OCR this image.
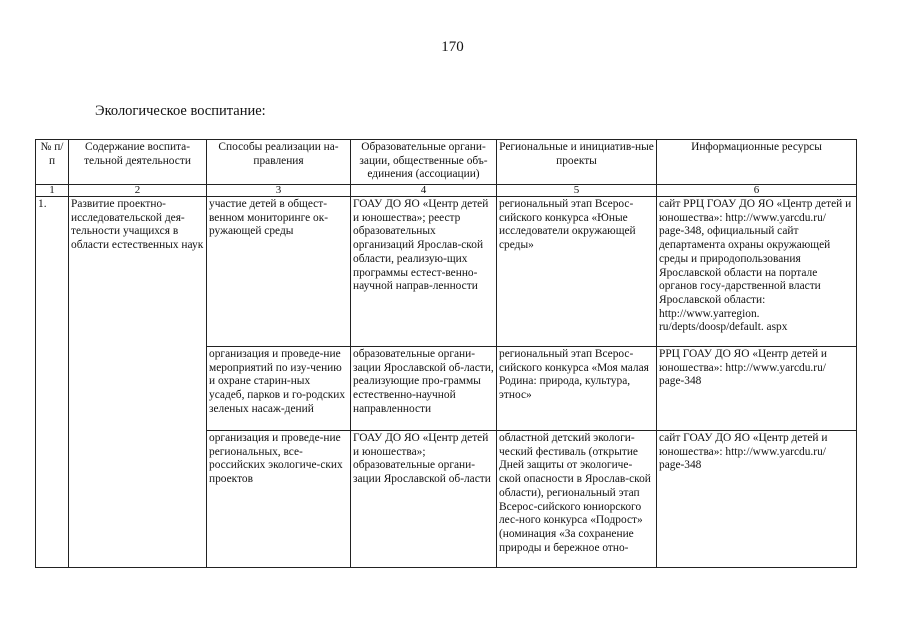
170
Экологическое воспитание:
№ п/п	Содержание воспита-тельной деятельности	Способы реализации на-правления	Образовательные органи-зации, общественные объ-единения (ассоциации)	Региональные и инициатив-ные проекты	Информационные ресурсы
1	2	3	4	5	6
1.	Развитие проектно-исследовательской дея-тельности учащихся в области естественных наук	участие детей в общест-венном мониторинге ок-ружающей среды	ГОАУ ДО ЯО «Центр детей и юношества»; реестр образовательных организаций Ярослав-ской области, реализую-щих программы естест-венно-научной направ-ленности	региональный этап Всерос-сийского конкурса «Юные исследователи окружающей среды»	сайт РРЦ ГОАУ ДО ЯО «Центр детей и юношества»: http://www.yarcdu.ru/ page-348, официальный сайт департамента охраны окружающей среды и природопользования Ярославской области на портале органов госу-дарственной власти Ярославской области: http://www.yarregion. ru/depts/doosp/default. aspx
		организация и проведе-ние мероприятий по изу-чению и охране старин-ных усадеб, парков и го-родских зеленых насаж-дений	образовательные органи-зации Ярославской об-ласти, реализующие про-граммы естественно-научной направленности	региональный этап Всерос-сийского конкурса «Моя малая Родина: природа, культура, этнос»	РРЦ ГОАУ ДО ЯО «Центр детей и юношества»: http://www.yarcdu.ru/ page-348
		организация и проведе-ние региональных, все-российских экологиче-ских проектов	ГОАУ ДО ЯО «Центр детей и юношества»; образовательные органи-зации Ярославской об-ласти	областной детский экологи-ческий фестиваль (открытие Дней защиты от экологиче-ской опасности в Ярослав-ской области), региональный этап Всерос-сийского юниорского лес-ного конкурса «Подрост» (номинация «За сохранение природы и бережное отно-	сайт ГОАУ ДО ЯО «Центр детей и юношества»: http://www.yarcdu.ru/ page-348
